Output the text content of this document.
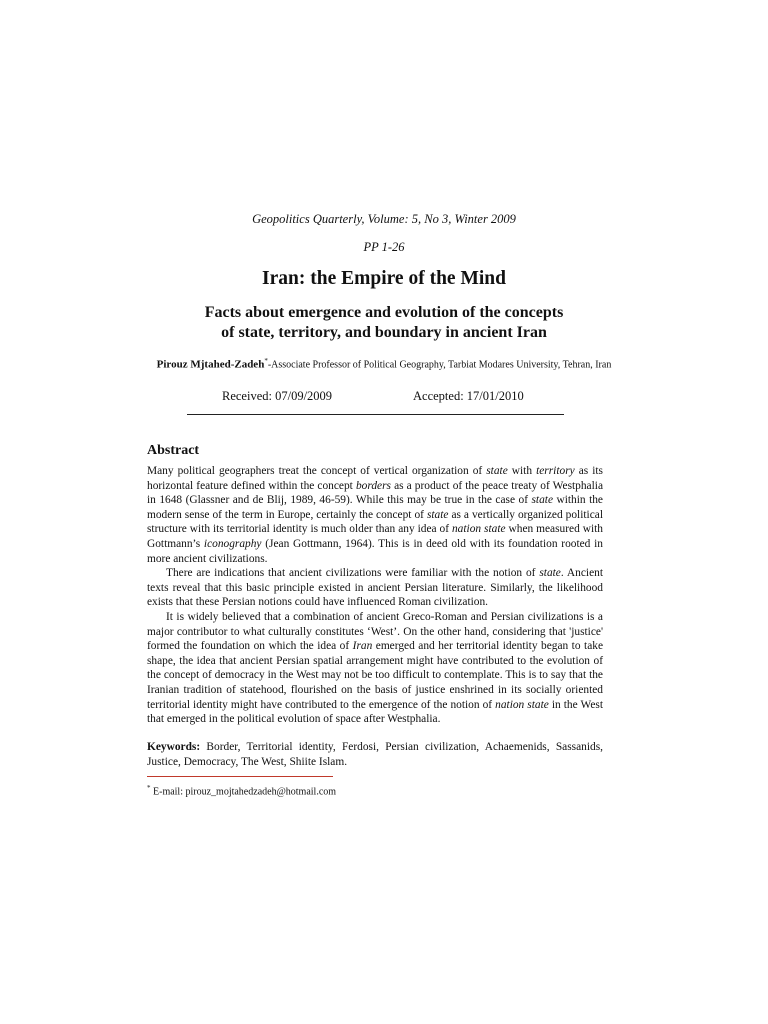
Geopolitics Quarterly, Volume: 5, No 3, Winter 2009
PP 1-26
Iran: the Empire of the Mind
Facts about emergence and evolution of the concepts
of state, territory, and boundary in ancient Iran
Pirouz Mjtahed-Zadeh*-Associate Professor of Political Geography, Tarbiat Modares University, Tehran, Iran
Received: 07/09/2009	Accepted: 17/01/2010
Abstract

Many political geographers treat the concept of vertical organization of state with territory as its horizontal feature defined within the concept borders as a product of the peace treaty of Westphalia in 1648 (Glassner and de Blij, 1989, 46-59). While this may be true in the case of state within the modern sense of the term in Europe, certainly the concept of state as a vertically organized political structure with its territorial identity is much older than any idea of nation state when measured with Gottmann’s iconography (Jean Gottmann, 1964). This is in deed old with its foundation rooted in more ancient civilizations.

There are indications that ancient civilizations were familiar with the notion of state. Ancient texts reveal that this basic principle existed in ancient Persian literature. Similarly, the likelihood exists that these Persian notions could have influenced Roman civilization.

It is widely believed that a combination of ancient Greco-Roman and Persian civilizations is a major contributor to what culturally constitutes ‘West’. On the other hand, considering that 'justice' formed the foundation on which the idea of Iran emerged and her territorial identity began to take shape, the idea that ancient Persian spatial arrangement might have contributed to the evolution of the concept of democracy in the West may not be too difficult to contemplate. This is to say that the Iranian tradition of statehood, flourished on the basis of justice enshrined in its socially oriented territorial identity might have contributed to the emergence of the notion of nation state in the West that emerged in the political evolution of space after Westphalia.

Keywords: Border, Territorial identity, Ferdosi, Persian civilization, Achaemenids, Sassanids, Justice, Democracy, The West, Shiite Islam.
* E-mail: pirouz_mojtahedzadeh@hotmail.com
